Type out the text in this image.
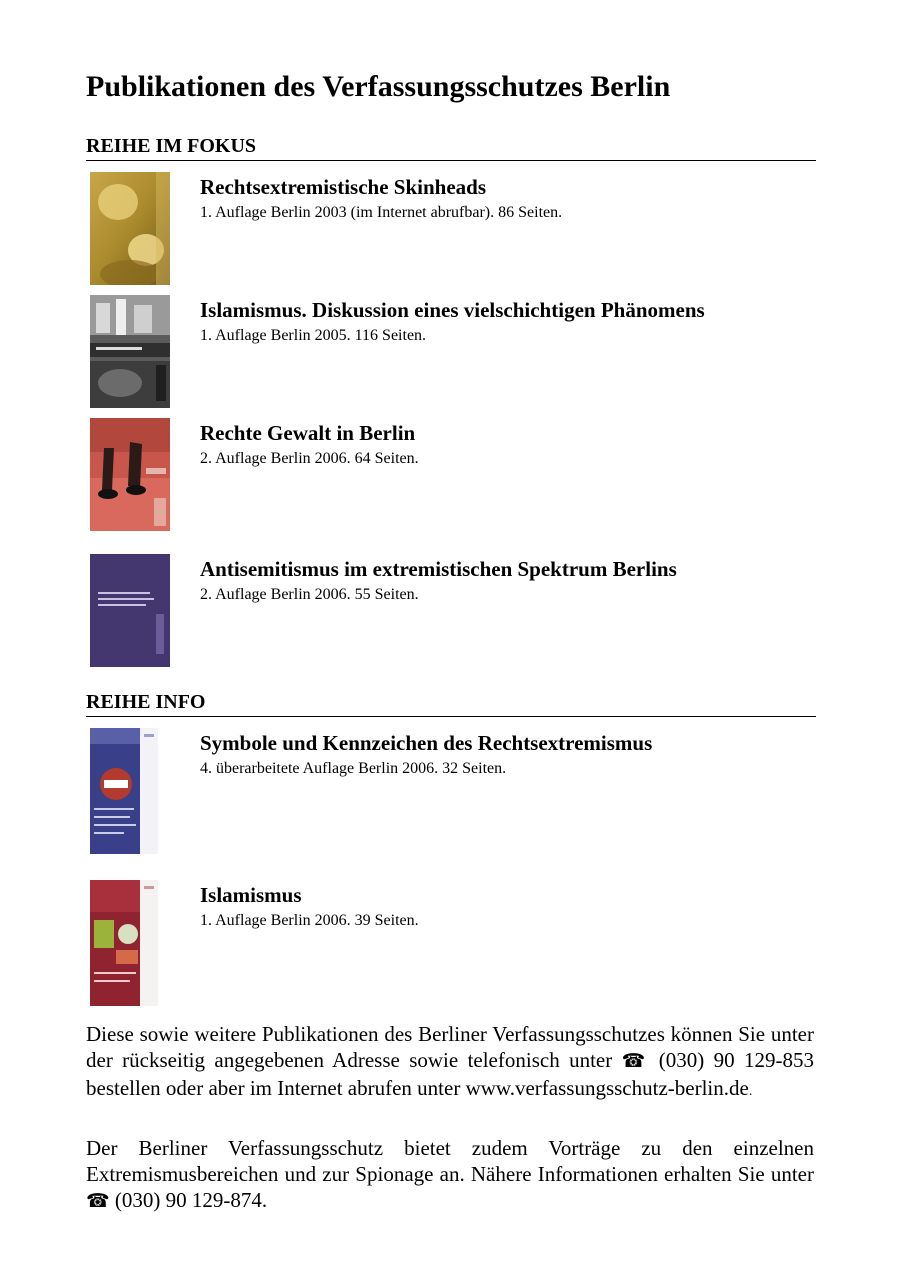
Publikationen des Verfassungsschutzes Berlin
REIHE IM FOKUS

Rechtsextremistische Skinheads

1. Auflage Berlin 2003 (im Internet abrufbar). 86 Seiten.

Islamismus. Diskussion eines vielschichtigen Phänomens

1. Auflage Berlin 2005. 116 Seiten.

Rechte Gewalt in Berlin

2. Auflage Berlin 2006. 64 Seiten.

Antisemitismus im extremistischen Spektrum Berlins

2. Auflage Berlin 2006. 55 Seiten.

REIHE INFO

Symbole und Kennzeichen des Rechtsextremismus

4. überarbeitete Auflage Berlin 2006. 32 Seiten.

Islamismus

1. Auflage Berlin 2006. 39 Seiten.

Diese sowie weitere Publikationen des Berliner Verfassungsschutzes können Sie unter der rückseitig angegebenen Adresse sowie telefonisch unter ☎ (030) 90 129-853 bestellen oder aber im Internet abrufen unter www.verfassungsschutz-berlin.de.

Der Berliner Verfassungsschutz bietet zudem Vorträge zu den einzelnen Extremismusbereichen und zur Spionage an. Nähere Informationen erhalten Sie unter ☎ (030) 90 129-874.
